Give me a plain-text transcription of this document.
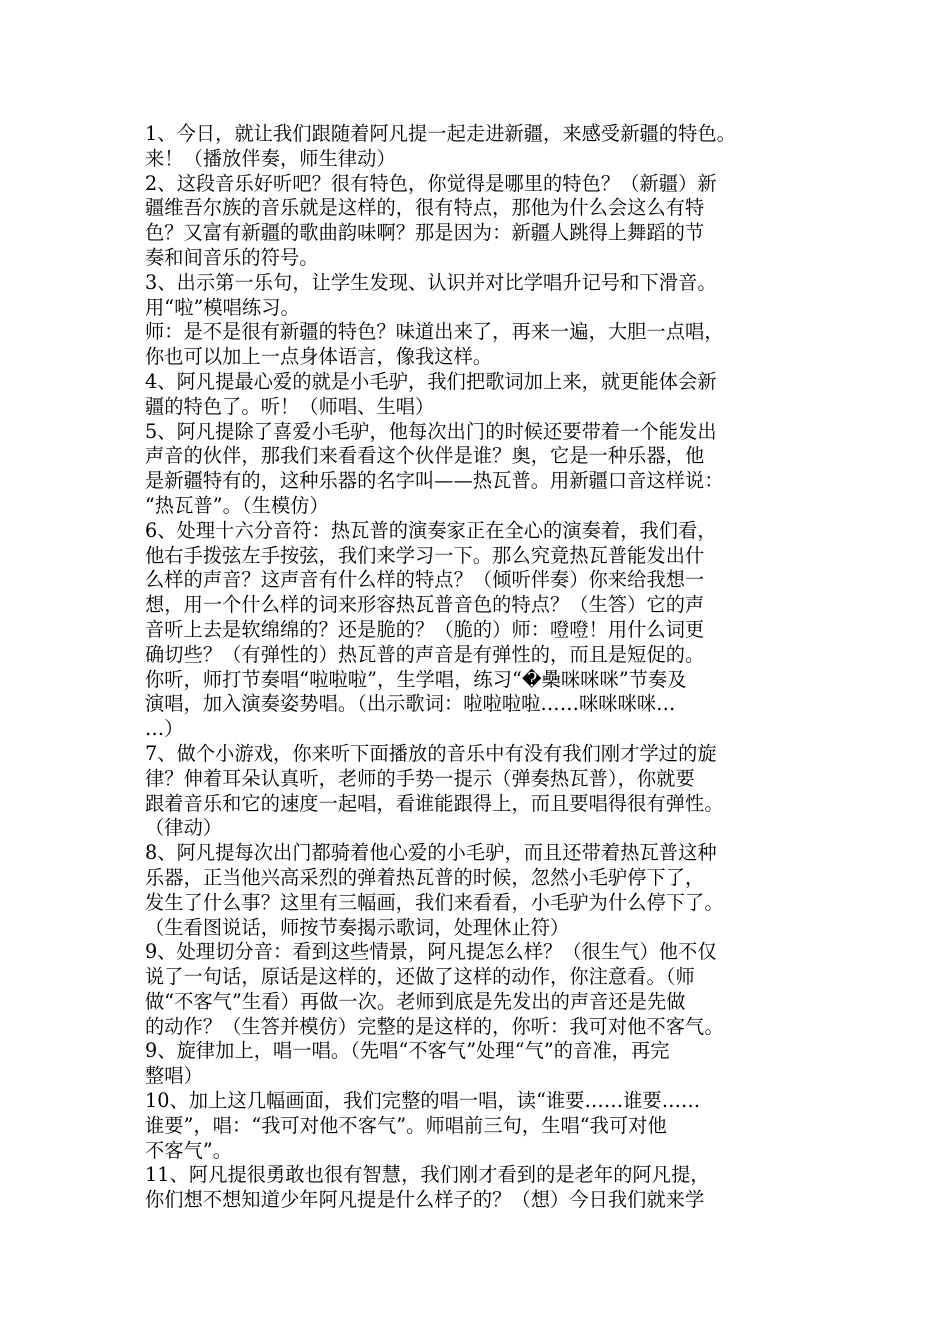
1、今日，就让我们跟随着阿凡提一起走进新疆，来感受新疆的特色。
来！（播放伴奏，师生律动）
2、这段音乐好听吧？很有特色，你觉得是哪里的特色？（新疆）新
疆维吾尔族的音乐就是这样的，很有特点，那他为什么会这么有特
色？又富有新疆的歌曲韵味啊？那是因为：新疆人跳得上舞蹈的节
奏和间音乐的符号。
3、出示第一乐句，让学生发现、认识并对比学唱升记号和下滑音。
用“啦”模唱练习。
师：是不是很有新疆的特色？味道出来了，再来一遍，大胆一点唱，
你也可以加上一点身体语言，像我这样。
4、阿凡提最心爱的就是小毛驴，我们把歌词加上来，就更能体会新
疆的特色了。听！（师唱、生唱）
5、阿凡提除了喜爱小毛驴，他每次出门的时候还要带着一个能发出
声音的伙伴，那我们来看看这个伙伴是谁？奥，它是一种乐器，他
是新疆特有的，这种乐器的名字叫——热瓦普。用新疆口音这样说：
“热瓦普”。（生模仿）
6、处理十六分音符：热瓦普的演奏家正在全心的演奏着，我们看，
他右手拨弦左手按弦，我们来学习一下。那么究竟热瓦普能发出什
么样的声音？这声音有什么样的特点？（倾听伴奏）你来给我想一
想，用一个什么样的词来形容热瓦普音色的特点？（生答）它的声
音听上去是软绵绵的？还是脆的？（脆的）师：噔噔！用什么词更
确切些？（有弹性的）热瓦普的声音是有弹性的，而且是短促的。
你听，师打节奏唱“啦啦啦”，生学唱，练习“�櫐咪咪咪”节奏及
演唱，加入演奏姿势唱。（出示歌词：啦啦啦啦……咪咪咪咪…
…）
7、做个小游戏，你来听下面播放的音乐中有没有我们刚才学过的旋
律？伸着耳朵认真听，老师的手势一提示（弹奏热瓦普），你就要
跟着音乐和它的速度一起唱，看谁能跟得上，而且要唱得很有弹性。
（律动）
8、阿凡提每次出门都骑着他心爱的小毛驴，而且还带着热瓦普这种
乐器，正当他兴高采烈的弹着热瓦普的时候，忽然小毛驴停下了，
发生了什么事？这里有三幅画，我们来看看，小毛驴为什么停下了。
（生看图说话，师按节奏揭示歌词，处理休止符）
9、处理切分音：看到这些情景，阿凡提怎么样？（很生气）他不仅
说了一句话，原话是这样的，还做了这样的动作，你注意看。（师
做“不客气”生看）再做一次。老师到底是先发出的声音还是先做
的动作？（生答并模仿）完整的是这样的，你听：我可对他不客气。
9、旋律加上，唱一唱。（先唱“不客气”处理“气”的音准，再完
整唱）
10、加上这几幅画面，我们完整的唱一唱，读“谁要……谁要……
谁要”，唱：“我可对他不客气”。师唱前三句，生唱“我可对他
不客气”。
11、阿凡提很勇敢也很有智慧，我们刚才看到的是老年的阿凡提，
你们想不想知道少年阿凡提是什么样子的？（想）今日我们就来学
